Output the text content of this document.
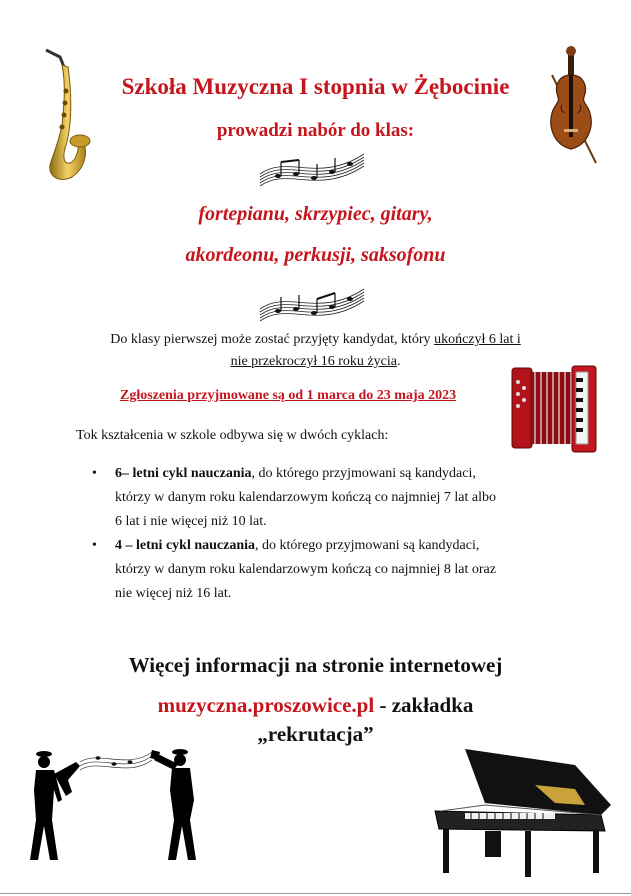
Szkoła Muzyczna I stopnia w Żębocinie
prowadzi nabór do klas:
fortepianu, skrzypiec, gitary,
akordeonu, perkusji, saksofonu
Do klasy pierwszej może zostać przyjęty kandydat, który ukończył 6 lat i
nie przekroczył 16 roku życia.
Zgłoszenia przyjmowane są od 1 marca do 23 maja 2023
Tok kształcenia w szkole odbywa się w dwóch cyklach:
• 6– letni cykl nauczania, do którego przyjmowani są kandydaci,
którzy w danym roku kalendarzowym kończą co najmniej 7 lat albo
6 lat i nie więcej niż 10 lat.
• 4 – letni cykl nauczania, do którego przyjmowani są kandydaci,
którzy w danym roku kalendarzowym kończą co najmniej 8 lat oraz
nie więcej niż 16 lat.
Więcej informacji na stronie internetowej
muzyczna.proszowice.pl - zakładka
„rekrutacja”
